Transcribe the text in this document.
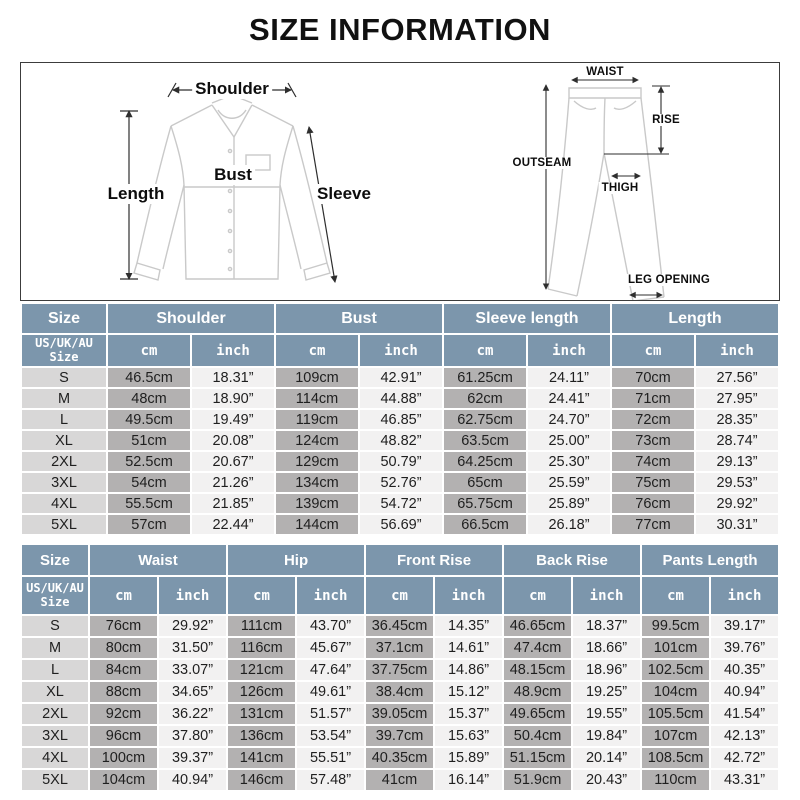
SIZE INFORMATION
Shoulder
Length
Bust
Sleeve
WAIST
OUTSEAM
RISE
THIGH
LEG OPENING
Size	Shoulder		Bust		Sleeve length		Length	
US/UK/AU Size	cm	inch	cm	inch	cm	inch	cm	inch
S	46.5cm	18.31”	109cm	42.91”	61.25cm	24.11”	70cm	27.56”
M	48cm	18.90”	114cm	44.88”	62cm	24.41”	71cm	27.95”
L	49.5cm	19.49”	119cm	46.85”	62.75cm	24.70”	72cm	28.35”
XL	51cm	20.08”	124cm	48.82”	63.5cm	25.00”	73cm	28.74”
2XL	52.5cm	20.67”	129cm	50.79”	64.25cm	25.30”	74cm	29.13”
3XL	54cm	21.26”	134cm	52.76”	65cm	25.59”	75cm	29.53”
4XL	55.5cm	21.85”	139cm	54.72”	65.75cm	25.89”	76cm	29.92”
5XL	57cm	22.44”	144cm	56.69”	66.5cm	26.18”	77cm	30.31”
Size	Waist		Hip		Front Rise		Back Rise		Pants Length	
US/UK/AU Size	cm	inch	cm	inch	cm	inch	cm	inch	cm	inch
S	76cm	29.92”	111cm	43.70”	36.45cm	14.35”	46.65cm	18.37”	99.5cm	39.17”
M	80cm	31.50”	116cm	45.67”	37.1cm	14.61”	47.4cm	18.66”	101cm	39.76”
L	84cm	33.07”	121cm	47.64”	37.75cm	14.86”	48.15cm	18.96”	102.5cm	40.35”
XL	88cm	34.65”	126cm	49.61”	38.4cm	15.12”	48.9cm	19.25”	104cm	40.94”
2XL	92cm	36.22”	131cm	51.57”	39.05cm	15.37”	49.65cm	19.55”	105.5cm	41.54”
3XL	96cm	37.80”	136cm	53.54”	39.7cm	15.63”	50.4cm	19.84”	107cm	42.13”
4XL	100cm	39.37”	141cm	55.51”	40.35cm	15.89”	51.15cm	20.14”	108.5cm	42.72”
5XL	104cm	40.94”	146cm	57.48”	41cm	16.14”	51.9cm	20.43”	110cm	43.31”
